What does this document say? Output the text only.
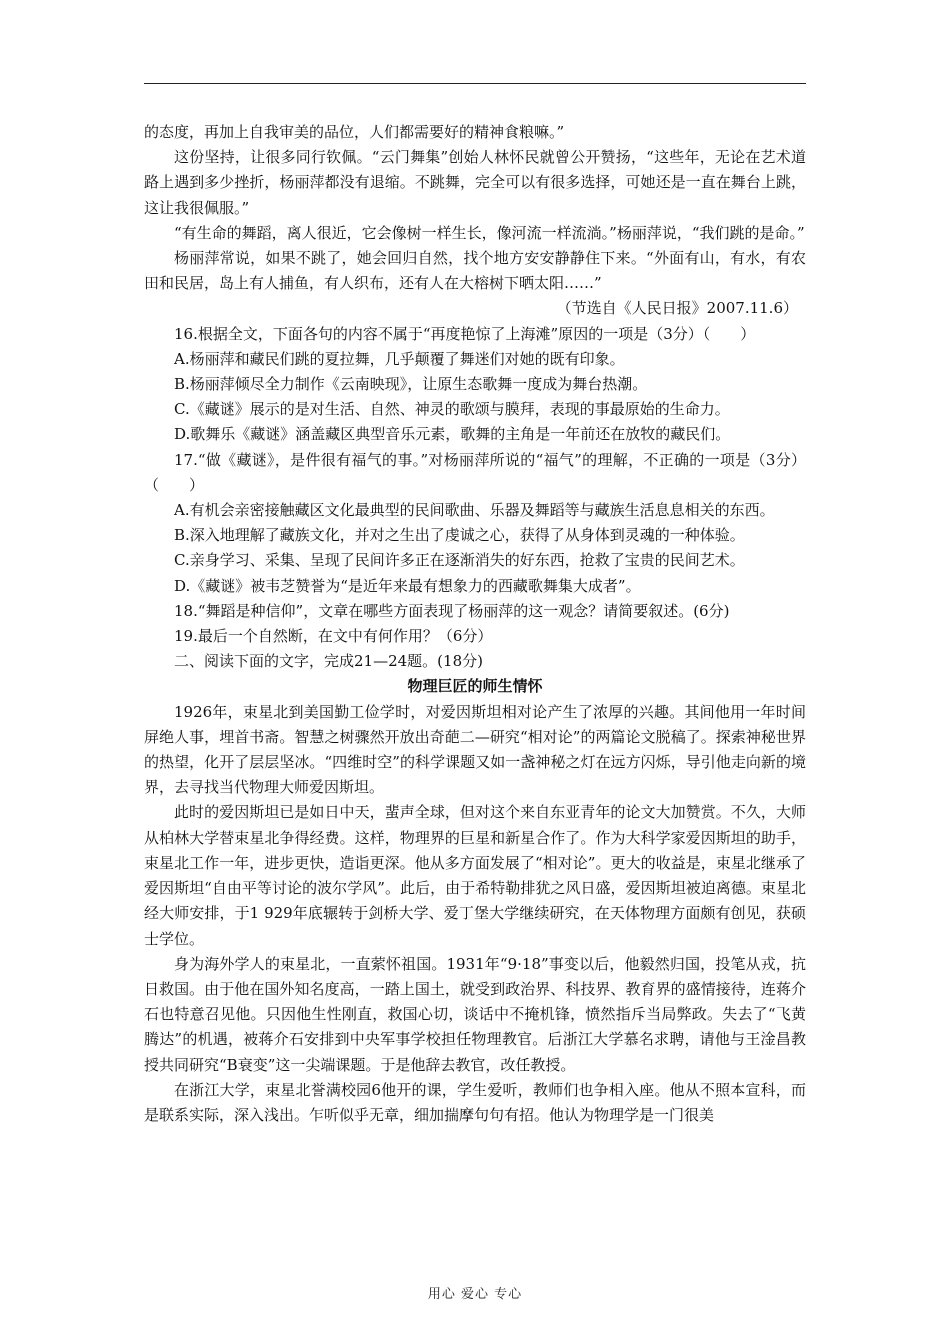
的态度，再加上自我审美的品位，人们都需要好的精神食粮嘛。”

这份坚持，让很多同行钦佩。“云门舞集”创始人林怀民就曾公开赞扬，“这些年，无论在艺术道路上遇到多少挫折，杨丽萍都没有退缩。不跳舞，完全可以有很多选择，可她还是一直在舞台上跳，这让我很佩服。”

“有生命的舞蹈，离人很近，它会像树一样生长，像河流一样流淌。”杨丽萍说，“我们跳的是命。”

杨丽萍常说，如果不跳了，她会回归自然，找个地方安安静静住下来。“外面有山，有水，有农田和民居，岛上有人捕鱼，有人织布，还有人在大榕树下晒太阳……”

（节选自《人民日报》2007.11.6）

16.根据全文，下面各句的内容不属于“再度艳惊了上海滩”原因的一项是（3分）（　　）

A.杨丽萍和藏民们跳的夏拉舞，几乎颠覆了舞迷们对她的既有印象。

B.杨丽萍倾尽全力制作《云南映现》，让原生态歌舞一度成为舞台热潮。

C.《藏谜》展示的是对生活、自然、神灵的歌颂与膜拜，表现的事最原始的生命力。

D.歌舞乐《藏谜》涵盖藏区典型音乐元素，歌舞的主角是一年前还在放牧的藏民们。

17.“做《藏谜》，是件很有福气的事。”对杨丽萍所说的“福气”的理解，不正确的一项是（3分）（　　）

A.有机会亲密接触藏区文化最典型的民间歌曲、乐器及舞蹈等与藏族生活息息相关的东西。

B.深入地理解了藏族文化，并对之生出了虔诚之心，获得了从身体到灵魂的一种体验。

C.亲身学习、采集、呈现了民间许多正在逐渐消失的好东西，抢救了宝贵的民间艺术。

D.《藏谜》被韦芝赞誉为“是近年来最有想象力的西藏歌舞集大成者”。

18.“舞蹈是种信仰”，文章在哪些方面表现了杨丽萍的这一观念？请简要叙述。(6分)

19.最后一个自然断，在文中有何作用？（6分）

二、阅读下面的文字，完成21—24题。(18分)

物理巨匠的师生情怀

1926年，束星北到美国勤工俭学时，对爱因斯坦相对论产生了浓厚的兴趣。其间他用一年时间屏绝人事，埋首书斋。智慧之树骤然开放出奇葩二—研究“相对论”的两篇论文脱稿了。探索神秘世界的热望，化开了层层坚冰。“四维时空”的科学课题又如一盏神秘之灯在远方闪烁，导引他走向新的境界，去寻找当代物理大师爱因斯坦。

此时的爱因斯坦已是如日中天，蜚声全球，但对这个来自东亚青年的论文大加赞赏。不久，大师从柏林大学替束星北争得经费。这样，物理界的巨星和新星合作了。作为大科学家爱因斯坦的助手，束星北工作一年，进步更快，造诣更深。他从多方面发展了“相对论”。更大的收益是，束星北继承了爱因斯坦“自由平等讨论的波尔学风”。此后，由于希特勒排犹之风日盛，爱因斯坦被迫离德。束星北经大师安排，于1 929年底辗转于剑桥大学、爱丁堡大学继续研究，在天体物理方面颇有创见，获硕士学位。

身为海外学人的束星北，一直萦怀祖国。1931年“9·18”事变以后，他毅然归国，投笔从戎，抗日救国。由于他在国外知名度高，一踏上国土，就受到政治界、科技界、教育界的盛情接待，连蒋介石也特意召见他。只因他生性刚直，救国心切，谈话中不掩机锋，愤然指斥当局弊政。失去了“飞黄腾达”的机遇，被蒋介石安排到中央军事学校担任物理教官。后浙江大学慕名求聘，请他与王淦昌教授共同研究“B衰变”这一尖端课题。于是他辞去教官，改任教授。

在浙江大学，束星北誉满校园6他开的课，学生爱听，教师们也争相入座。他从不照本宣科，而是联系实际，深入浅出。乍听似乎无章，细加揣摩句句有招。他认为物理学是一门很美

用心 爱心 专心
